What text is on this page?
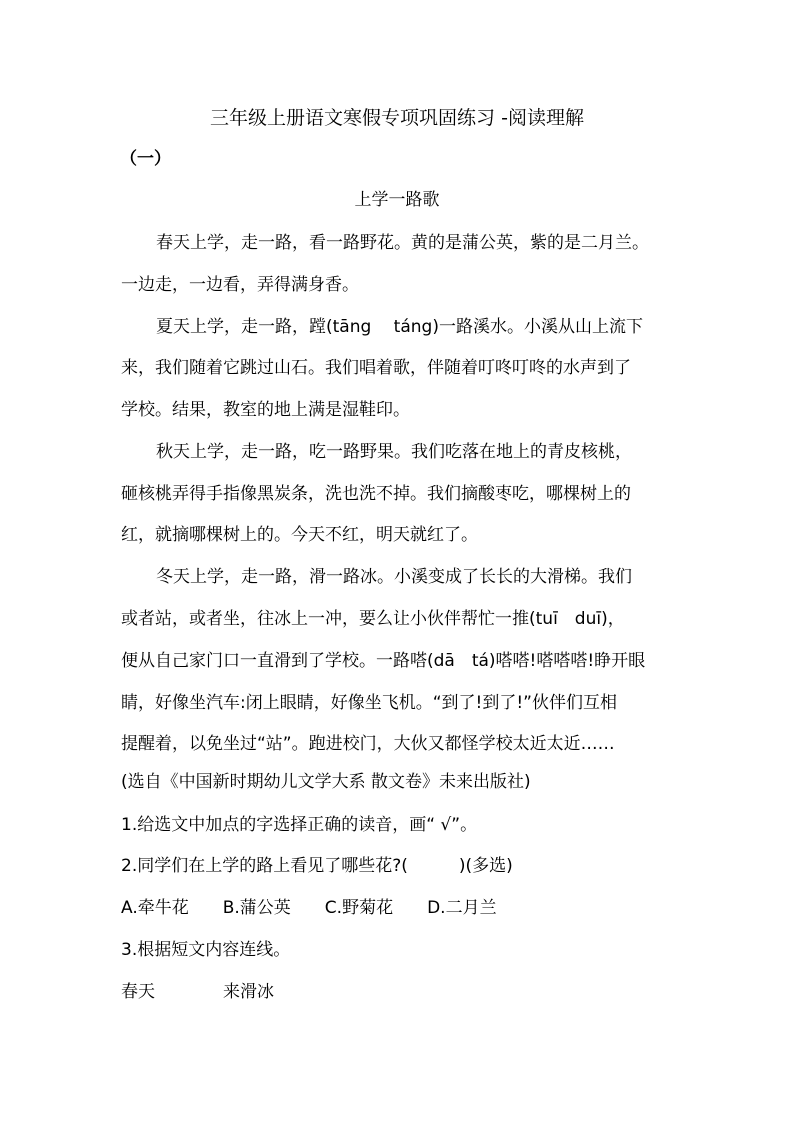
三年级上册语文寒假专项巩固练习 -阅读理解
（一）
上学一路歌
春天上学，走一路，看一路野花。黄的是蒲公英，紫的是二月兰。
一边走，一边看，弄得满身香。
夏天上学，走一路，蹚(tāng　 táng)一路溪水。小溪从山上流下
来，我们随着它跳过山石。我们唱着歌，伴随着叮咚叮咚的水声到了
学校。结果，教室的地上满是湿鞋印。
秋天上学，走一路，吃一路野果。我们吃落在地上的青皮核桃，
砸核桃弄得手指像黑炭条，洗也洗不掉。我们摘酸枣吃，哪棵树上的
红，就摘哪棵树上的。今天不红，明天就红了。
冬天上学，走一路，滑一路冰。小溪变成了长长的大滑梯。我们
或者站，或者坐，往冰上一冲，要么让小伙伴帮忙一推(tuī　duī)，
便从自己家门口一直滑到了学校。一路嗒(dā　tá)嗒嗒!嗒嗒嗒!睁开眼
睛，好像坐汽车:闭上眼睛，好像坐飞机。“到了!到了!”伙伴们互相
提醒着，以免坐过“站”。跑进校门，大伙又都怪学校太近太近……
(选自《中国新时期幼儿文学大系 散文卷》未来出版社)
1.给选文中加点的字选择正确的读音，画“ √”。
2.同学们在上学的路上看见了哪些花?(　　　)(多选)
A.牵牛花　　B.蒲公英　　C.野菊花　　D.二月兰
3.根据短文内容连线。
春天　　　　来滑冰
